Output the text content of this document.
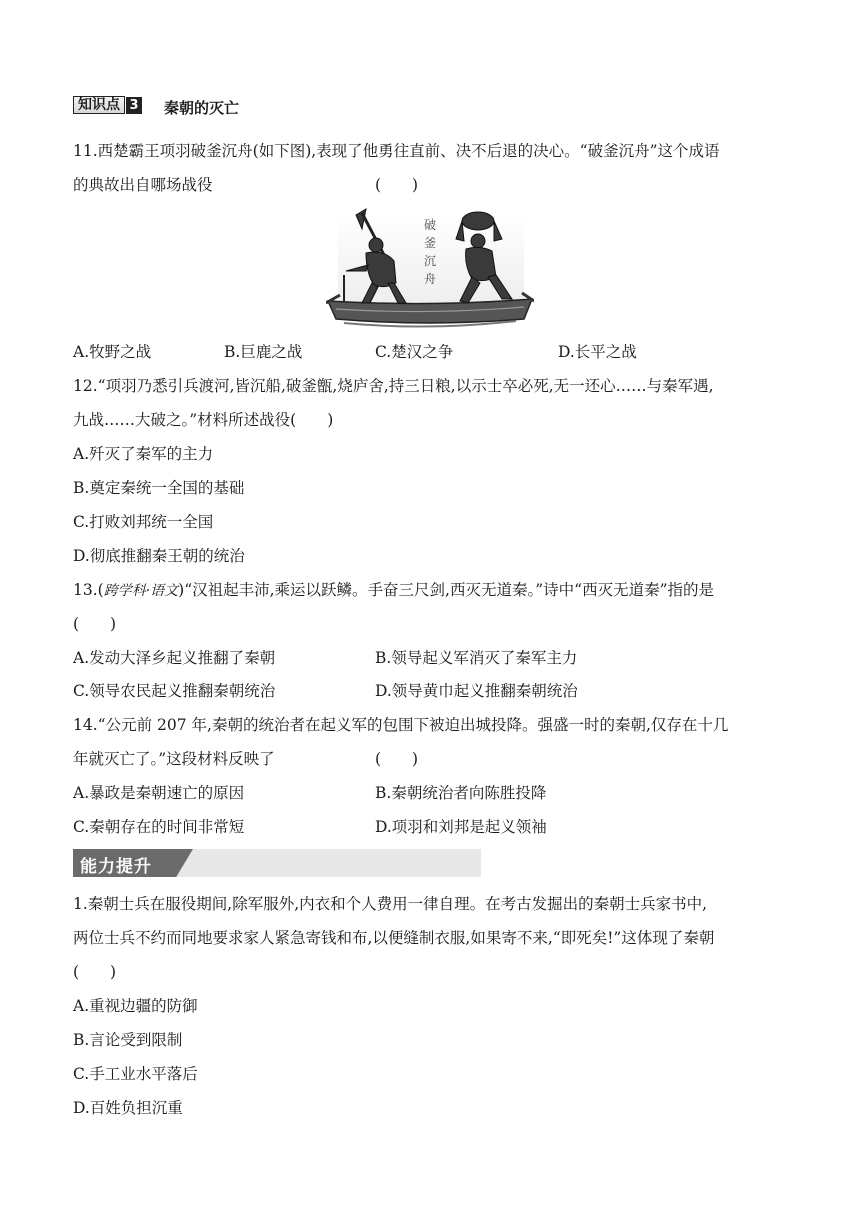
知识点 3 秦朝的灭亡
11.西楚霸王项羽破釜沉舟(如下图),表现了他勇往直前、决不后退的决心。“破釜沉舟”这个成语
的典故出自哪场战役	(　　)
破
釜
沉
舟
A.牧野之战	B.巨鹿之战	C.楚汉之争	D.长平之战
12.“项羽乃悉引兵渡河,皆沉船,破釜甑,烧庐舍,持三日粮,以示士卒必死,无一还心……与秦军遇,
九战……大破之。”材料所述战役(　　)
A.歼灭了秦军的主力
B.奠定秦统一全国的基础
C.打败刘邦统一全国
D.彻底推翻秦王朝的统治
13.(跨学科·语文)“汉祖起丰沛,乘运以跃鳞。手奋三尺剑,西灭无道秦。”诗中“西灭无道秦”指的是
(　　)
A.发动大泽乡起义推翻了秦朝	B.领导起义军消灭了秦军主力
C.领导农民起义推翻秦朝统治	D.领导黄巾起义推翻秦朝统治
14.“公元前 207 年,秦朝的统治者在起义军的包围下被迫出城投降。强盛一时的秦朝,仅存在十几
年就灭亡了。”这段材料反映了	(　　)
A.暴政是秦朝速亡的原因	B.秦朝统治者向陈胜投降
C.秦朝存在的时间非常短	D.项羽和刘邦是起义领袖
能力提升
1.秦朝士兵在服役期间,除军服外,内衣和个人费用一律自理。在考古发掘出的秦朝士兵家书中,
两位士兵不约而同地要求家人紧急寄钱和布,以便缝制衣服,如果寄不来,“即死矣!”这体现了秦朝
(　　)
A.重视边疆的防御
B.言论受到限制
C.手工业水平落后
D.百姓负担沉重
